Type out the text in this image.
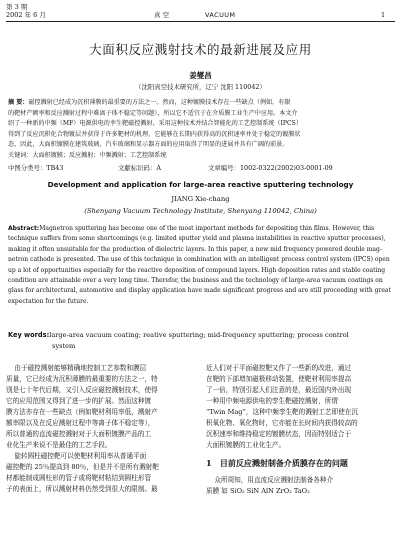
第 3 期
2002 年 6 月	真 空	VACUUM	1
大面积反应溅射技术的最新进展及应用
姜燮昌
（沈阳真空技术研究所，辽宁 沈阳 110042）
摘 要：磁控溅射已经成为沉积薄膜的最重要的方法之一。然而，这种镀膜技术存在一些缺点（例如，有限
的靶材产额率和反应溅射过程中难离子体不稳定等问题），所以它不适宜于在介质膜工业生产中应用。本文介
绍了一种新的中频（MF）电源供电的孪生靶磁控溅射，采用这种技术并结合智能化的工艺控制系统（IPCS）
得到了反应沉积化合物镀层并获得于许多靶材的机理，它能够在长期内获得高的沉积速率并处于稳定的镀膜状
态，因此，大面积镀膜在建筑玻璃、汽车玻璃和显示器方面的应用取得了明显的进展并具有广阔的前景。
关键词：大面积镀膜；反应溅射；中频溅射；工艺控制系统
中图分类号：TB43	文献标识码：A	文章编号：1002-0322(2002)03-0001-09
Development and application for large-area reactive sputtering technology
JIANG Xie-chang
(Shenyang Vacuum Technology Institute, Shenyang 110042, China)
Abstract:Magnetron sputtering has become one of the most important methods for depositing thin films. However, this
technique suffers from some shortcomings (e.g. limited sputter yield and plasma instabilities in reactive sputter processes),
making it often unsuitable for the production of dielectric layers. In this paper, a new mid frequency powered double mag-
netron cathode is presented. The use of this technique in combination with an intelligent process control system (IPCS) open
up a lot of opportunities especially for the reactive deposition of compound layers. High deposition rates and stable coating
condition are attainable over a very long time. Therefor, the business and the technology of large-area vacuum coatings on
glass for architectural, automotive and display application have made significant progress and are still proceeding with great
expectation for the future.
Key words:large-area vacuum coating; reative sputtering; mid-frequency sputtering; process control
system
由于磁控溅射能够精确地控制工艺参数和膜层
质量，它已经成为沉积薄膜的最重要的方法之一，特
别是七十年代后期，又引入反应磁控溅射技术，使得
它的应用范围又得到了进一步的扩展。然而这种镀
膜方法亦存在一些缺点（例如靶材利用率低，溅射产
额率限以及在反应溅射过程中等离子体不稳定等），
所以普通的直流磁控溅射对于大面积镀膜产品的工
业化生产来说不是最佳的工艺手段。
旋转圆柱磁控靶可以使靶材利用率从普通平面
磁控靶的 25％提高到 80％，但是并不是所有溅射靶
材都能制成圆柱形的管子或将靶材粘结到圆柱形管
子的表面上，所以溅射材料仍然受到很大的限制。最
近人们对于平面磁控靶又作了一些新的改进，通过
在靶的下部增加磁极移动装置，使靶材利用率提高
了一倍，特别引起人们注意的是，最近国内外出现
一种用中频电源供电的孪生靶磁控溅射，所谓
“Twin Mag”，这种中频孪生靶的溅射工艺即使在沉
积氧化物、氧化物时，它亦能在长时间内获得较高的
沉积速率和维持稳定的镀膜状态，因而特别适合于
大面积镀膜的工业化生产。
1   目前反应溅射制备介质膜存在的问题
众所周知，用直流反应溅射法制备各种介
质膜 如 SiO₂ SiN AlN ZrO₂ TaO₂
